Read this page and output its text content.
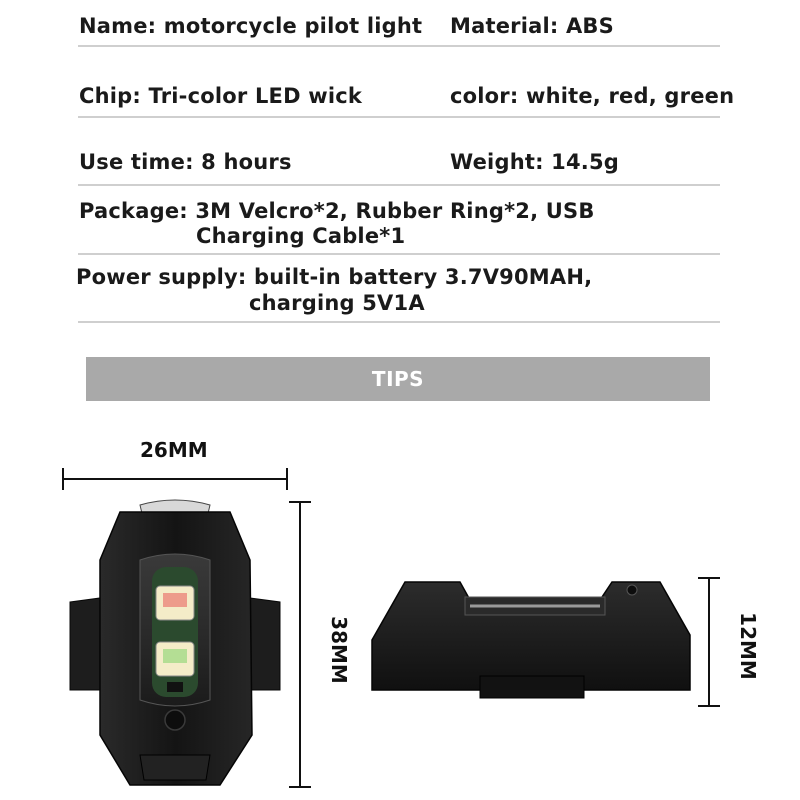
Name: motorcycle pilot light Material: ABS
Chip: Tri-color LED wick	color: white, red, green
Use time: 8 hours	Weight: 14.5g
Package: 3M Velcro*2, Rubber Ring*2, USB
Charging Cable*1
Power supply: built-in battery 3.7V90MAH,
charging 5V1A
TIPS
26MM
38MM	12MM
